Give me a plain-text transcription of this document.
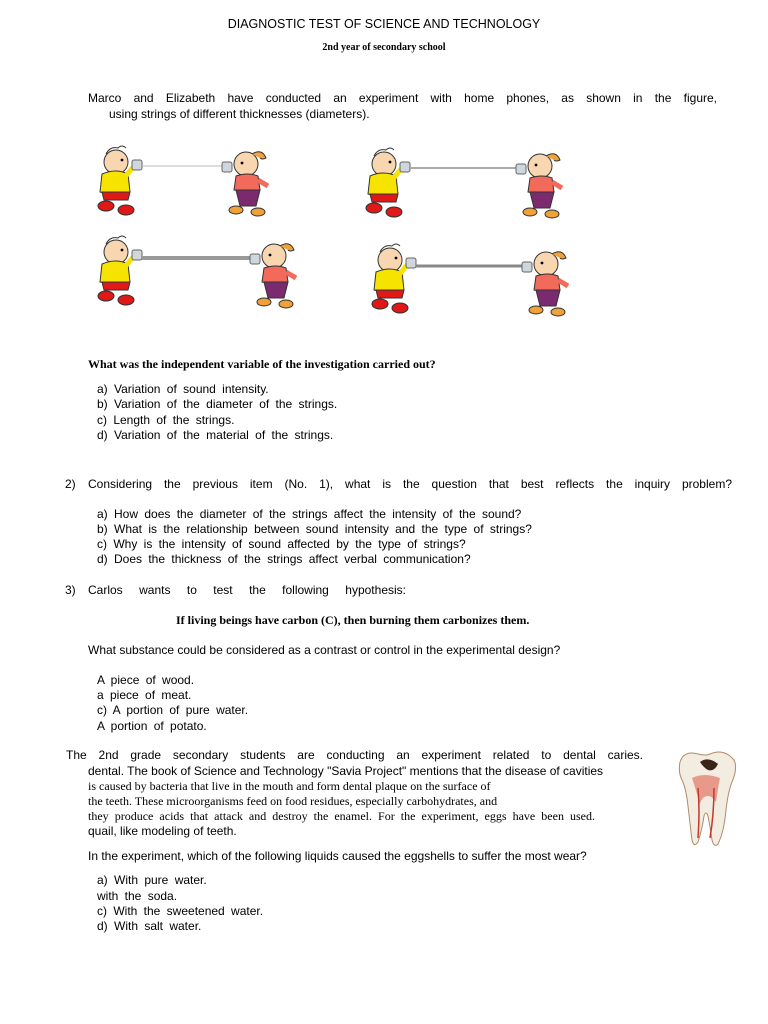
DIAGNOSTIC TEST OF SCIENCE AND TECHNOLOGY
2nd year of secondary school
Marco and Elizabeth have conducted an experiment with home phones, as shown in the figure,
using strings of different thicknesses (diameters).
What was the independent variable of the investigation carried out?
a) Variation of sound intensity.
b) Variation of the diameter of the strings.
c) Length of the strings.
d) Variation of the material of the strings.
2) Considering the previous item (No. 1), what is the question that best reflects the inquiry problem?
a) How does the diameter of the strings affect the intensity of the sound?
b) What is the relationship between sound intensity and the type of strings?
c) Why is the intensity of sound affected by the type of strings?
d) Does the thickness of the strings affect verbal communication?
3) Carlos wants to test the following hypothesis:
If living beings have carbon (C), then burning them carbonizes them.
What substance could be considered as a contrast or control in the experimental design?
A piece of wood.
a piece of meat.
c) A portion of pure water.
A portion of potato.
The 2nd grade secondary students are conducting an experiment related to dental caries.
dental. The book of Science and Technology "Savia Project" mentions that the disease of cavities
is caused by bacteria that live in the mouth and form dental plaque on the surface of
the teeth. These microorganisms feed on food residues, especially carbohydrates, and
they produce acids that attack and destroy the enamel. For the experiment, eggs have been used.
quail, like modeling of teeth.
In the experiment, which of the following liquids caused the eggshells to suffer the most wear?
a) With pure water.
with the soda.
c) With the sweetened water.
d) With salt water.
